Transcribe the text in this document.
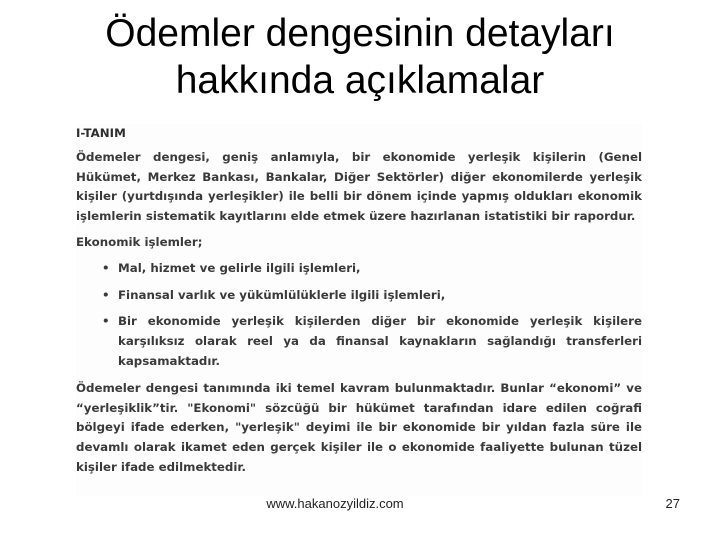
Ödemler dengesinin detayları
hakkında açıklamalar
I-TANIM

Ödemeler dengesi, geniş anlamıyla, bir ekonomide yerleşik kişilerin (Genel Hükümet, Merkez Bankası, Bankalar, Diğer Sektörler) diğer ekonomilerde yerleşik kişiler (yurtdışında yerleşikler) ile belli bir dönem içinde yapmış oldukları ekonomik işlemlerin sistematik kayıtlarını elde etmek üzere hazırlanan istatistiki bir rapordur.

Ekonomik işlemler;

• Mal, hizmet ve gelirle ilgili işlemleri,
• Finansal varlık ve yükümlülüklerle ilgili işlemleri,
• Bir ekonomide yerleşik kişilerden diğer bir ekonomide yerleşik kişilere karşılıksız olarak reel ya da finansal kaynakların sağlandığı transferleri kapsamaktadır.

Ödemeler dengesi tanımında iki temel kavram bulunmaktadır. Bunlar “ekonomi” ve “yerleşiklik”tir. "Ekonomi" sözcüğü bir hükümet tarafından idare edilen coğrafi bölgeyi ifade ederken, "yerleşik" deyimi ile bir ekonomide bir yıldan fazla süre ile devamlı olarak ikamet eden gerçek kişiler ile o ekonomide faaliyette bulunan tüzel kişiler ifade edilmektedir.

www.hakanozyildiz.com	27
